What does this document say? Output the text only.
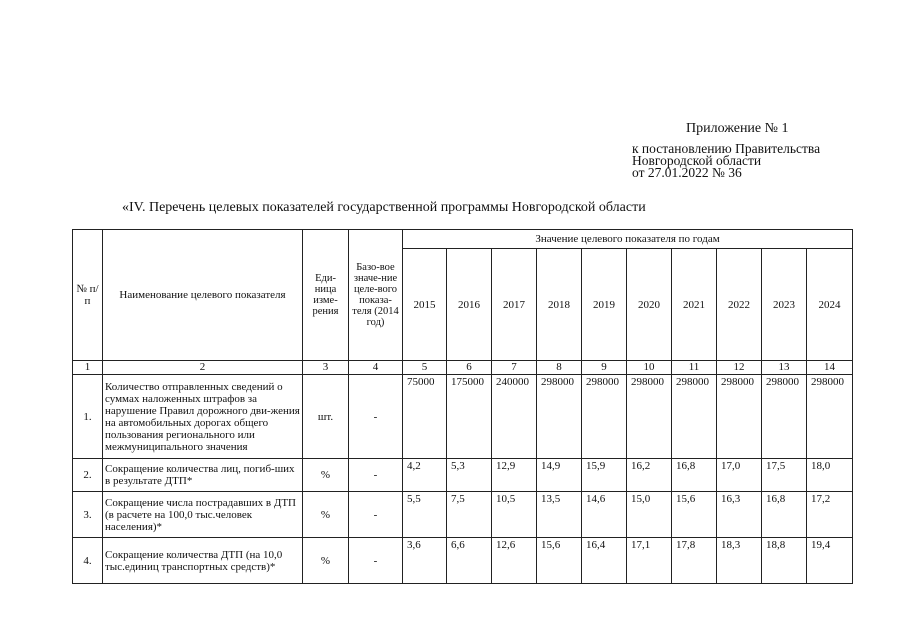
Приложение № 1
к постановлению Правительства
Новгородской области
от 27.01.2022 № 36
«IV. Перечень целевых показателей государственной программы Новгородской области
№ п/п	Наименование целевого показателя	Еди-ница изме-рения	Базо-вое значе-ние целе-вого показа-теля (2014 год)	Значение целевого показателя по годам									
				2015	2016	2017	2018	2019	2020	2021	2022	2023	2024
1	2	3	4	5	6	7	8	9	10	11	12	13	14
1.	Количество отправленных сведений о суммах наложенных штрафов за нарушение Правил дорожного дви-жения на автомобильных дорогах общего пользования регионального или межмуниципального значения	шт.	-	75000	175000	240000	298000	298000	298000	298000	298000	298000	298000
2.	Сокращение количества лиц, погиб-ших в результате ДТП*	%	-	4,2	5,3	12,9	14,9	15,9	16,2	16,8	17,0	17,5	18,0
3.	Сокращение числа пострадавших в ДТП (в расчете на 100,0 тыс.человек населения)*	%	-	5,5	7,5	10,5	13,5	14,6	15,0	15,6	16,3	16,8	17,2
4.	Сокращение количества ДТП (на 10,0 тыс.единиц транспортных средств)*	%	-	3,6	6,6	12,6	15,6	16,4	17,1	17,8	18,3	18,8	19,4
